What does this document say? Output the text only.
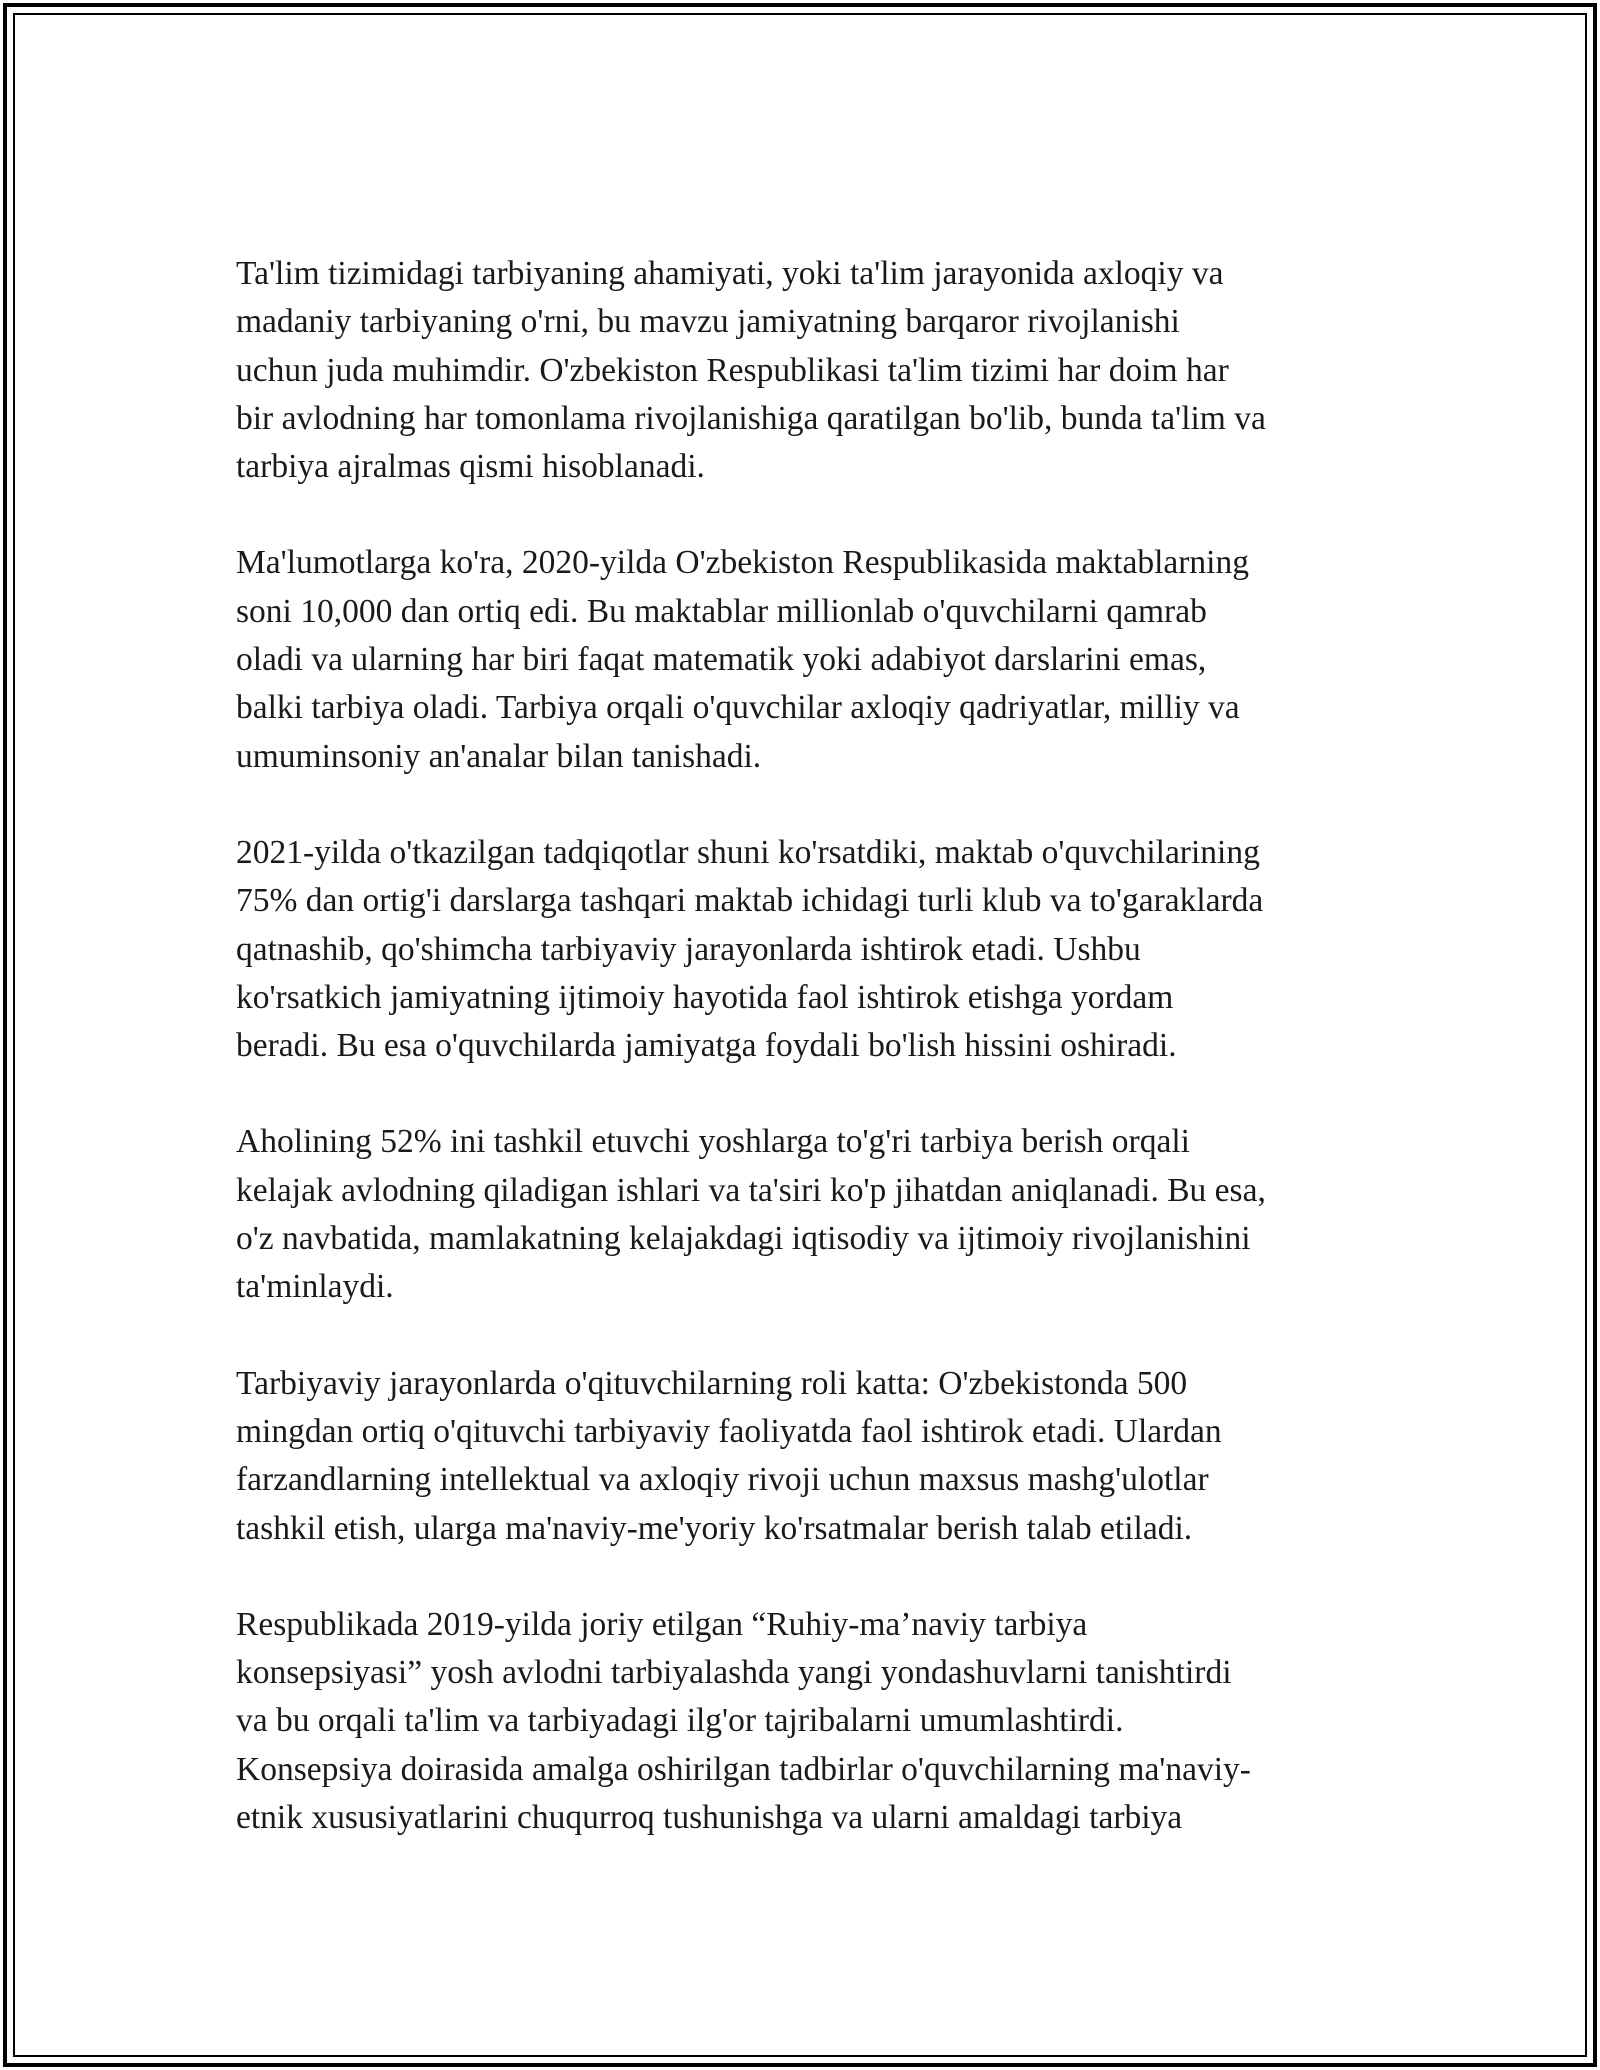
Ta'lim tizimidagi tarbiyaning ahamiyati, yoki ta'lim jarayonida axloqiy va
madaniy tarbiyaning o'rni, bu mavzu jamiyatning barqaror rivojlanishi
uchun juda muhimdir. O'zbekiston Respublikasi ta'lim tizimi har doim har
bir avlodning har tomonlama rivojlanishiga qaratilgan bo'lib, bunda ta'lim va
tarbiya ajralmas qismi hisoblanadi.

Ma'lumotlarga ko'ra, 2020-yilda O'zbekiston Respublikasida maktablarning
soni 10,000 dan ortiq edi. Bu maktablar millionlab o'quvchilarni qamrab
oladi va ularning har biri faqat matematik yoki adabiyot darslarini emas,
balki tarbiya oladi. Tarbiya orqali o'quvchilar axloqiy qadriyatlar, milliy va
umuminsoniy an'analar bilan tanishadi.

2021-yilda o'tkazilgan tadqiqotlar shuni ko'rsatdiki, maktab o'quvchilarining
75% dan ortig'i darslarga tashqari maktab ichidagi turli klub va to'garaklarda
qatnashib, qo'shimcha tarbiyaviy jarayonlarda ishtirok etadi. Ushbu
ko'rsatkich jamiyatning ijtimoiy hayotida faol ishtirok etishga yordam
beradi. Bu esa o'quvchilarda jamiyatga foydali bo'lish hissini oshiradi.

Aholining 52% ini tashkil etuvchi yoshlarga to'g'ri tarbiya berish orqali
kelajak avlodning qiladigan ishlari va ta'siri ko'p jihatdan aniqlanadi. Bu esa,
o'z navbatida, mamlakatning kelajakdagi iqtisodiy va ijtimoiy rivojlanishini
ta'minlaydi.

Tarbiyaviy jarayonlarda o'qituvchilarning roli katta: O'zbekistonda 500
mingdan ortiq o'qituvchi tarbiyaviy faoliyatda faol ishtirok etadi. Ulardan
farzandlarning intellektual va axloqiy rivoji uchun maxsus mashg'ulotlar
tashkil etish, ularga ma'naviy-me'yoriy ko'rsatmalar berish talab etiladi.

Respublikada 2019-yilda joriy etilgan “Ruhiy-ma’naviy tarbiya
konsepsiyasi” yosh avlodni tarbiyalashda yangi yondashuvlarni tanishtirdi
va bu orqali ta'lim va tarbiyadagi ilg'or tajribalarni umumlashtirdi.
Konsepsiya doirasida amalga oshirilgan tadbirlar o'quvchilarning ma'naviy-
etnik xususiyatlarini chuqurroq tushunishga va ularni amaldagi tarbiya
